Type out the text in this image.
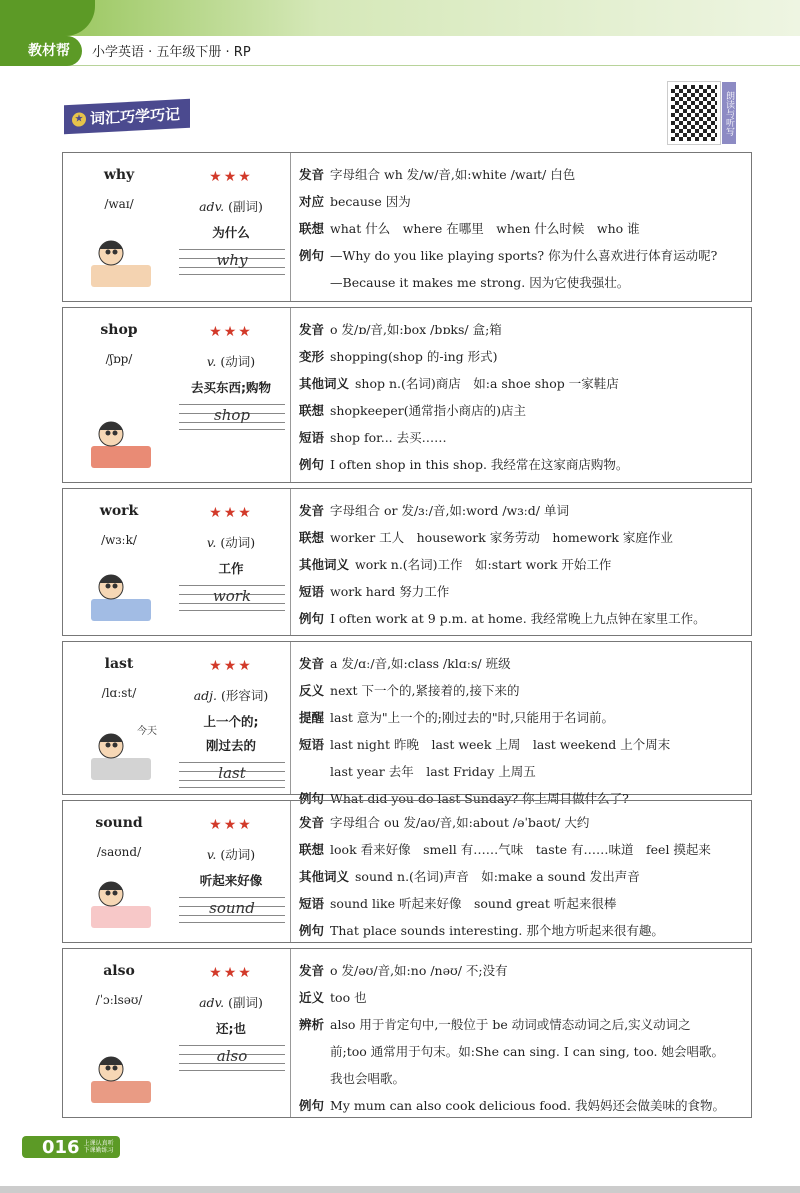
教材帮	小学英语 · 五年级下册 · RP
★ 词汇巧学巧记	朗读与听写
why
/waɪ/
★★★
adv. (副词)
为什么
why
发音 字母组合 wh 发/w/音,如:white /waɪt/ 白色
对应 because 因为
联想 what 什么　where 在哪里　when 什么时候　who 谁
例句 —Why do you like playing sports? 你为什么喜欢进行体育运动呢?
—Because it makes me strong. 因为它使我强壮。
shop
/ʃɒp/
★★★
v. (动词)
去买东西;购物
shop
SHOP
发音 o 发/ɒ/音,如:box /bɒks/ 盒;箱
变形 shopping(shop 的-ing 形式)
其他词义 shop n.(名词)商店　如:a shoe shop 一家鞋店
联想 shopkeeper(通常指小商店的)店主
短语 shop for... 去买……
例句 I often shop in this shop. 我经常在这家商店购物。
work
/wɜːk/
★★★
v. (动词)
工作
work
发音 字母组合 or 发/ɜː/音,如:word /wɜːd/ 单词
联想 worker 工人　housework 家务劳动　homework 家庭作业
其他词义 work n.(名词)工作　如:start work 开始工作
短语 work hard 努力工作
例句 I often work at 9 p.m. at home. 我经常晚上九点钟在家里工作。
last
/lɑːst/
★★★
adj. (形容词)
上一个的;
刚过去的
last
今天
发音 a 发/ɑː/音,如:class /klɑːs/ 班级
反义 next 下一个的,紧接着的,接下来的
提醒 last 意为"上一个的;刚过去的"时,只能用于名词前。
短语 last night 昨晚　last week 上周　last weekend 上个周末
last year 去年　last Friday 上周五
例句 What did you do last Sunday? 你上周日做什么了?
sound
/saʊnd/
★★★
v. (动词)
听起来好像
sound
发音 字母组合 ou 发/aʊ/音,如:about /əˈbaʊt/ 大约
联想 look 看来好像　smell 有……气味　taste 有……味道　feel 摸起来
其他词义 sound n.(名词)声音　如:make a sound 发出声音
短语 sound like 听起来好像　sound great 听起来很棒
例句 That place sounds interesting. 那个地方听起来很有趣。
also
/ˈɔːlsəʊ/
★★★
adv. (副词)
还;也
also
发音 o 发/əʊ/音,如:no /nəʊ/ 不;没有
近义 too 也
辨析 also 用于肯定句中,一般位于 be 动词或情态动词之后,实义动词之
前;too 通常用于句末。如:She can sing. I can sing, too. 她会唱歌。
我也会唱歌。
例句 My mum can also cook delicious food. 我妈妈还会做美味的食物。
016 上课认真听
下课勤练习
